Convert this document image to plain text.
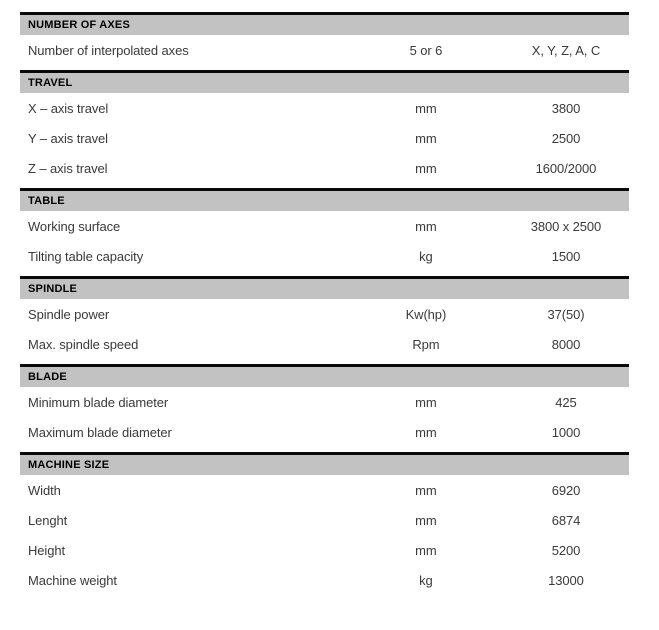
NUMBER OF AXES
Number of interpolated axes	5 or 6	X, Y, Z, A, C
TRAVEL
X – axis travel	mm	3800
Y – axis travel	mm	2500
Z – axis travel	mm	1600/2000
TABLE
Working surface	mm	3800 x 2500
Tilting table capacity	kg	1500
SPINDLE
Spindle power	Kw(hp)	37(50)
Max. spindle speed	Rpm	8000
BLADE
Minimum blade diameter	mm	425
Maximum blade diameter	mm	1000
MACHINE SIZE
Width	mm	6920
Lenght	mm	6874
Height	mm	5200
Machine weight	kg	13000
